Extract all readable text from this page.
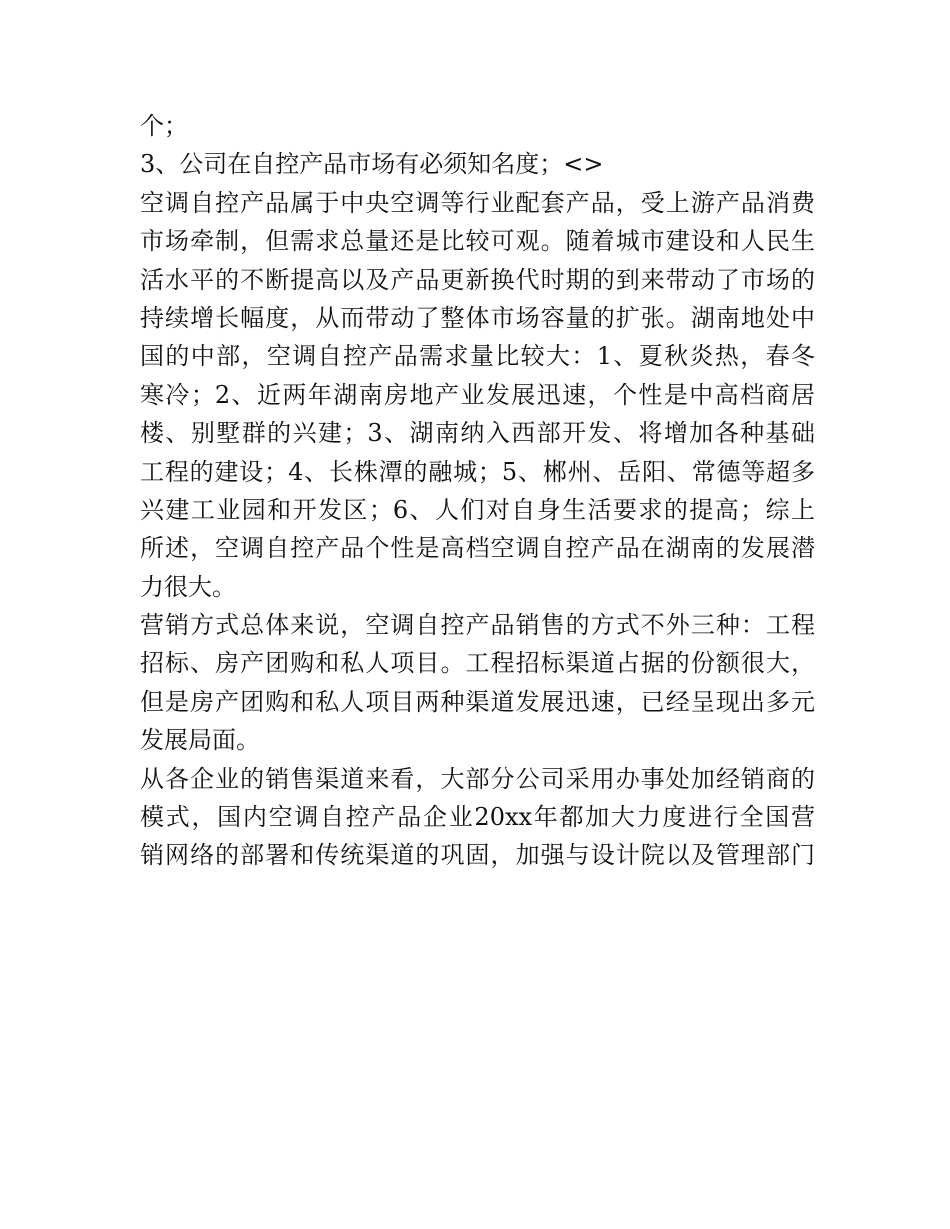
个；
3、公司在自控产品市场有必须知名度；<>
空调自控产品属于中央空调等行业配套产品，受上游产品消费
市场牵制，但需求总量还是比较可观。随着城市建设和人民生
活水平的不断提高以及产品更新换代时期的到来带动了市场的
持续增长幅度，从而带动了整体市场容量的扩张。湖南地处中
国的中部，空调自控产品需求量比较大：1、夏秋炎热，春冬
寒冷；2、近两年湖南房地产业发展迅速，个性是中高档商居
楼、别墅群的兴建；3、湖南纳入西部开发、将增加各种基础
工程的建设；4、长株潭的融城；5、郴州、岳阳、常德等超多
兴建工业园和开发区；6、人们对自身生活要求的提高；综上
所述，空调自控产品个性是高档空调自控产品在湖南的发展潜
力很大。
营销方式总体来说，空调自控产品销售的方式不外三种：工程
招标、房产团购和私人项目。工程招标渠道占据的份额很大，
但是房产团购和私人项目两种渠道发展迅速，已经呈现出多元
发展局面。
从各企业的销售渠道来看，大部分公司采用办事处加经销商的
模式，国内空调自控产品企业20xx年都加大力度进行全国营
销网络的部署和传统渠道的巩固，加强与设计院以及管理部门
